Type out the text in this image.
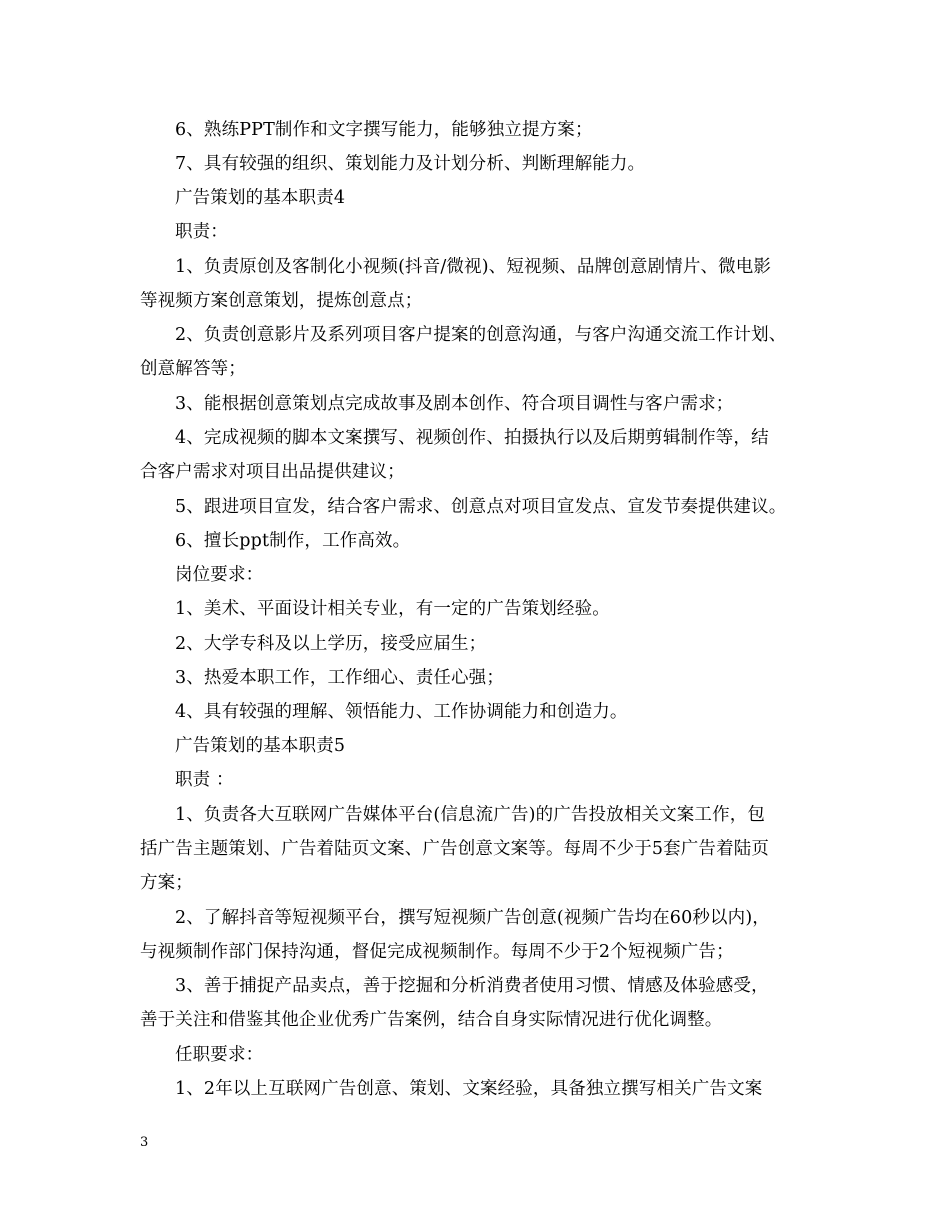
6、熟练PPT制作和文字撰写能力，能够独立提方案；
7、具有较强的组织、策划能力及计划分析、判断理解能力。
广告策划的基本职责4
职责：
1、负责原创及客制化小视频(抖音/微视)、短视频、品牌创意剧情片、微电影
等视频方案创意策划，提炼创意点；
2、负责创意影片及系列项目客户提案的创意沟通，与客户沟通交流工作计划、
创意解答等；
3、能根据创意策划点完成故事及剧本创作、符合项目调性与客户需求；
4、完成视频的脚本文案撰写、视频创作、拍摄执行以及后期剪辑制作等，结
合客户需求对项目出品提供建议；
5、跟进项目宣发，结合客户需求、创意点对项目宣发点、宣发节奏提供建议。
6、擅长ppt制作，工作高效。
岗位要求：
1、美术、平面设计相关专业，有一定的广告策划经验。
2、大学专科及以上学历，接受应届生；
3、热爱本职工作，工作细心、责任心强；
4、具有较强的理解、领悟能力、工作协调能力和创造力。
广告策划的基本职责5
职责 ：
1、负责各大互联网广告媒体平台(信息流广告)的广告投放相关文案工作，包
括广告主题策划、广告着陆页文案、广告创意文案等。每周不少于5套广告着陆页
方案；
2、了解抖音等短视频平台，撰写短视频广告创意(视频广告均在60秒以内)，
与视频制作部门保持沟通，督促完成视频制作。每周不少于2个短视频广告；
3、善于捕捉产品卖点，善于挖掘和分析消费者使用习惯、情感及体验感受，
善于关注和借鉴其他企业优秀广告案例，结合自身实际情况进行优化调整。
任职要求：
1、2年以上互联网广告创意、策划、文案经验，具备独立撰写相关广告文案
3
